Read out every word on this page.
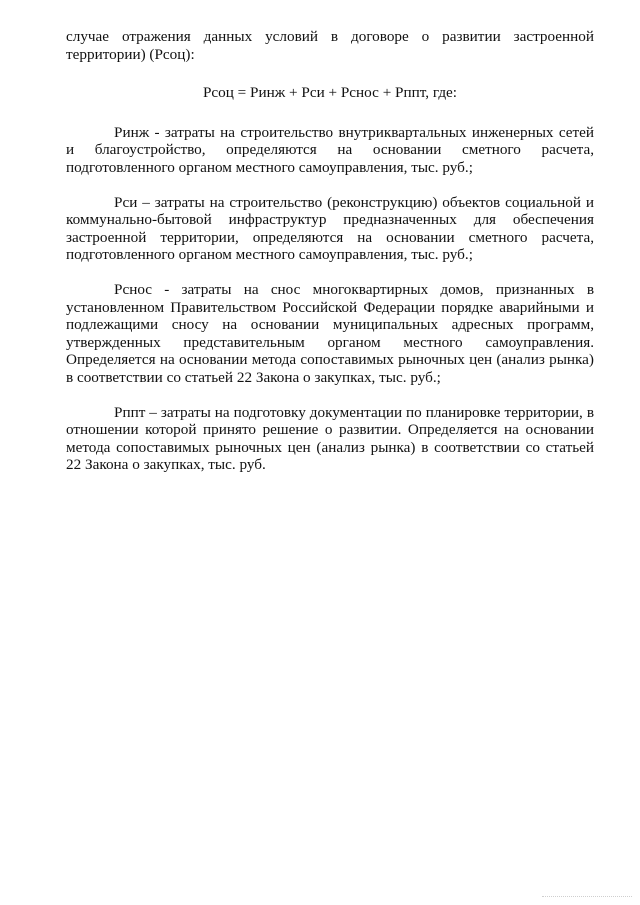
случае отражения данных условий в договоре о развитии застроенной территории) (Рсоц):

Рсоц = Ринж + Рси + Рснос + Рппт, где:

Ринж - затраты на строительство внутриквартальных инженерных сетей и благоустройство, определяются на основании сметного расчета, подготовленного органом местного самоуправления, тыс. руб.;

Рси – затраты на строительство (реконструкцию) объектов социальной и коммунально-бытовой инфраструктур предназначенных для обеспечения застроенной территории, определяются на основании сметного расчета, подготовленного органом местного самоуправления, тыс. руб.;

Рснос - затраты на снос многоквартирных домов, признанных в установленном Правительством Российской Федерации порядке аварийными и подлежащими сносу на основании муниципальных адресных программ, утвержденных представительным органом местного самоуправления. Определяется на основании метода сопоставимых рыночных цен (анализ рынка) в соответствии со статьей 22 Закона о закупках, тыс. руб.;

Рппт – затраты на подготовку документации по планировке территории, в отношении которой принято решение о развитии. Определяется на основании метода сопоставимых рыночных цен (анализ рынка) в соответствии со статьей 22 Закона о закупках, тыс. руб.
